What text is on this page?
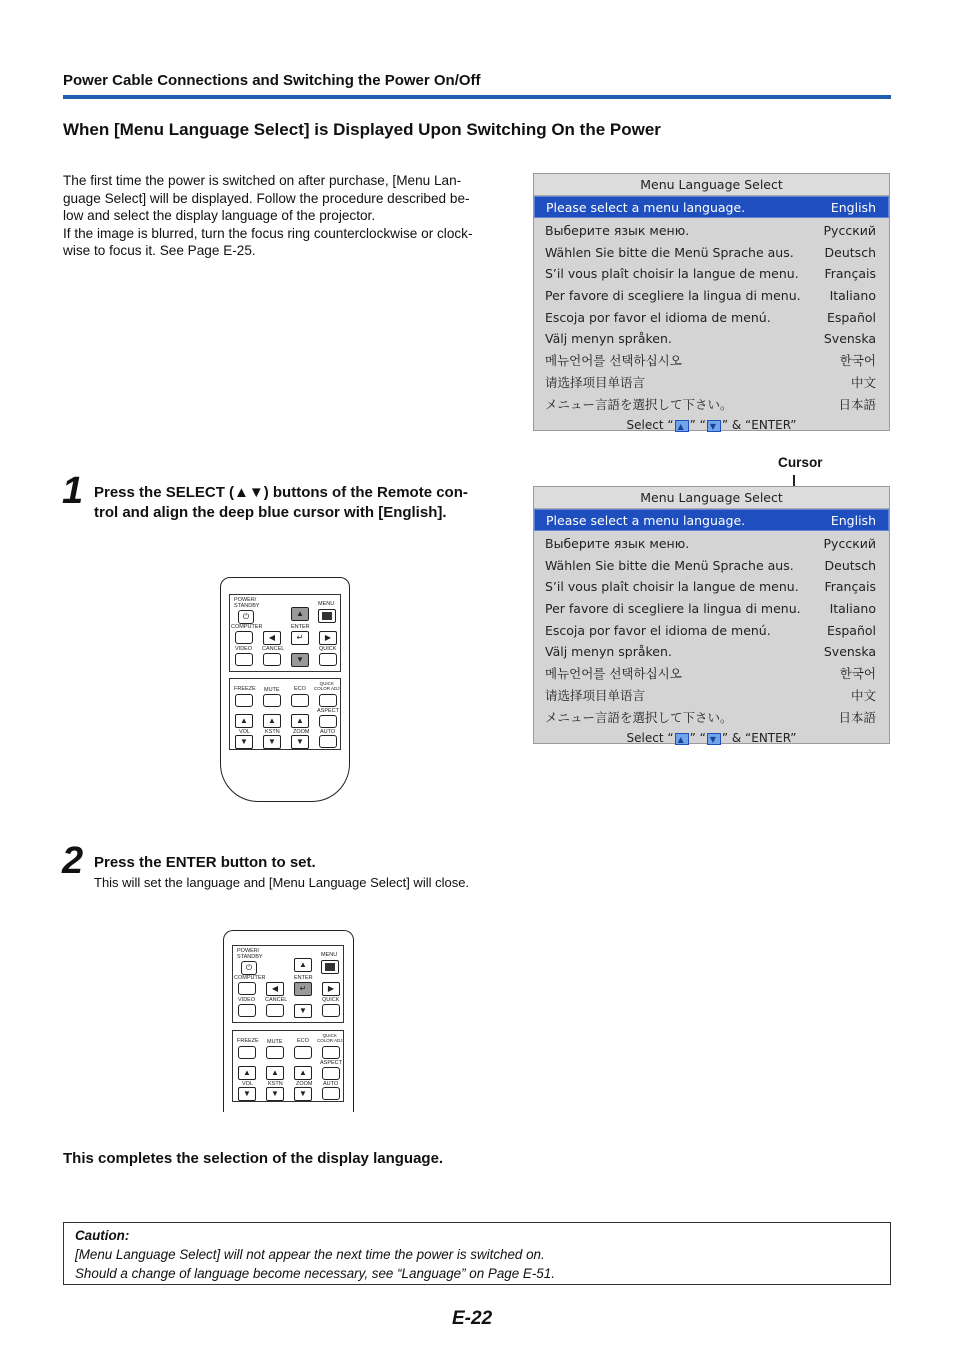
Power Cable Connections and Switching the Power On/Off
When [Menu Language Select] is Displayed Upon Switching On the Power
The first time the power is switched on after purchase, [Menu Lan-
guage Select] will be displayed. Follow the procedure described be-
low and select the display language of the projector.
If the image is blurred, turn the focus ring counterclockwise or clock-
wise to focus it. See Page E-25.
Menu Language Select
Please select a menu language.	English
Выберите язык меню.	Русский
Wählen Sie bitte die Menü Sprache aus. Deutsch
S’il vous plaît choisir la langue de menu. Français
Per favore di scegliere la lingua di menu. Italiano
Escoja por favor el idioma de menú.	Español
Välj menyn språken.	Svenska
메뉴언어를 선택하십시오	한국어
请选择项目单语言	中文
メニュー言語を選択して下さい。	日本語
Select “ ▲ ” “ ▼ ” & “ENTER”
Cursor
Menu Language Select
Please select a menu language.	English
Выберите язык меню.	Русский
Wählen Sie bitte die Menü Sprache aus. Deutsch
S’il vous plaît choisir la langue de menu. Français
Per favore di scegliere la lingua di menu. Italiano
Escoja por favor el idioma de menú.	Español
Välj menyn språken.	Svenska
메뉴언어를 선택하십시오	한국어
请选择项目单语言	中文
メニュー言語を選択して下さい。	日本語
Select “ ▲ ” “ ▼ ” & “ENTER”
1 Press the SELECT (▲▼) buttons of the Remote con-
trol and align the deep blue cursor with [English].
POWER/
STANDBY
⏻
MENU
▲
COMPUTER	ENTER
◀	↵	▶
VIDEO CANCEL	QUICK
▼
FREEZE MUTE	ECO
QUICK
COLOR ADJ
ASPECT
▲	▲	▲
VOL	KSTN ZOOM AUTO
▼	▼	▼
2 Press the ENTER button to set.
This will set the language and [Menu Language Select] will close.
POWER/
STANDBY
⏻
MENU
▲
COMPUTER	ENTER
◀	↵	▶
VIDEO CANCEL	QUICK
▼
FREEZE MUTE	ECO
QUICK
COLOR ADJ
ASPECT
▲	▲	▲
VOL	KSTN ZOOM AUTO
▼	▼	▼
This completes the selection of the display language.
Caution:
[Menu Language Select] will not appear the next time the power is switched on.
Should a change of language become necessary, see “Language” on Page E-51.
E-22
